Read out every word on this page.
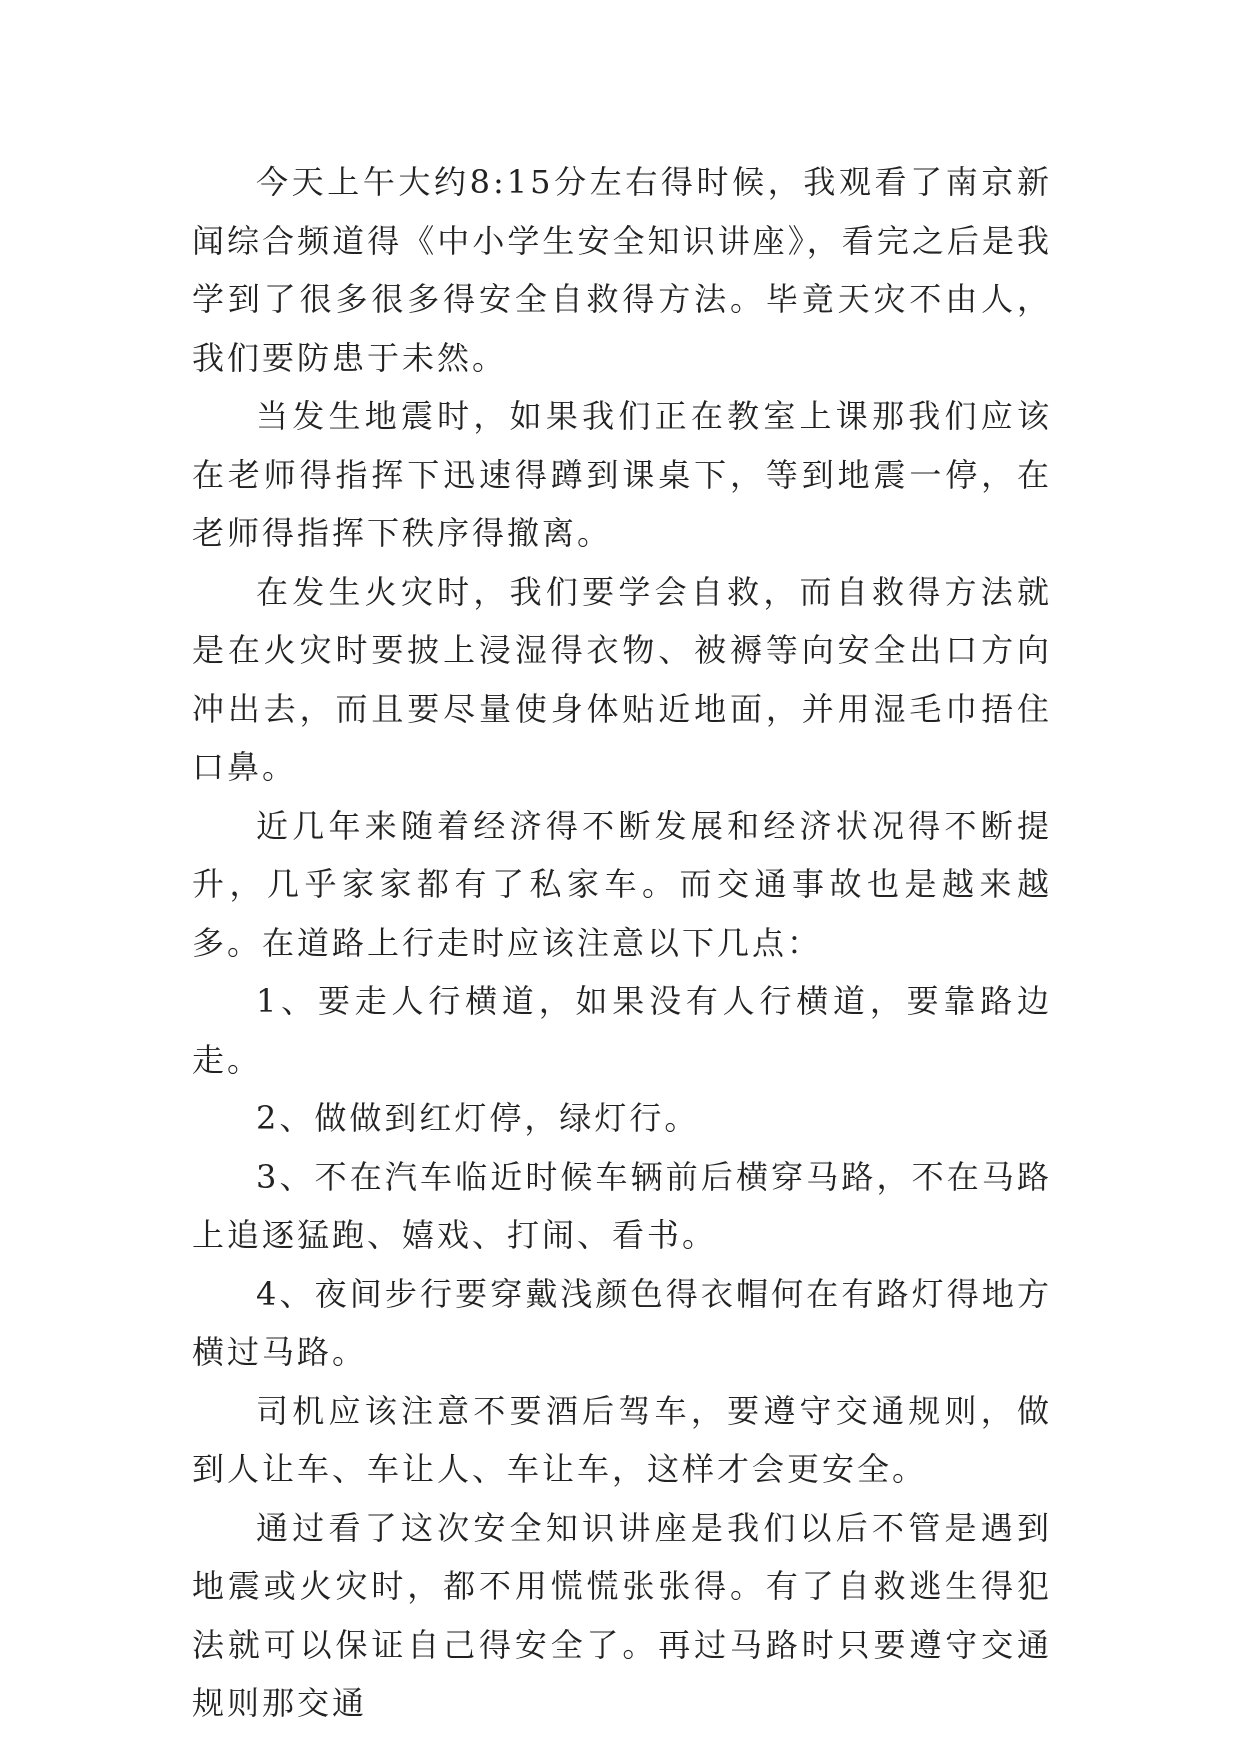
今天上午大约8:15分左右得时候，我观看了南京新闻综合频道得《中小学生安全知识讲座》，看完之后是我学到了很多很多得安全自救得方法。毕竟天灾不由人，我们要防患于未然。

当发生地震时，如果我们正在教室上课那我们应该在老师得指挥下迅速得蹲到课桌下，等到地震一停，在老师得指挥下秩序得撤离。

在发生火灾时，我们要学会自救，而自救得方法就是在火灾时要披上浸湿得衣物、被褥等向安全出口方向冲出去，而且要尽量使身体贴近地面，并用湿毛巾捂住口鼻。

近几年来随着经济得不断发展和经济状况得不断提升，几乎家家都有了私家车。而交通事故也是越来越多。在道路上行走时应该注意以下几点：

1、要走人行横道，如果没有人行横道，要靠路边走。

2、做做到红灯停，绿灯行。

3、不在汽车临近时候车辆前后横穿马路，不在马路上追逐猛跑、嬉戏、打闹、看书。

4、夜间步行要穿戴浅颜色得衣帽何在有路灯得地方横过马路。

司机应该注意不要酒后驾车，要遵守交通规则，做到人让车、车让人、车让车，这样才会更安全。

通过看了这次安全知识讲座是我们以后不管是遇到地震或火灾时，都不用慌慌张张得。有了自救逃生得犯法就可以保证自己得安全了。再过马路时只要遵守交通规则那交通
